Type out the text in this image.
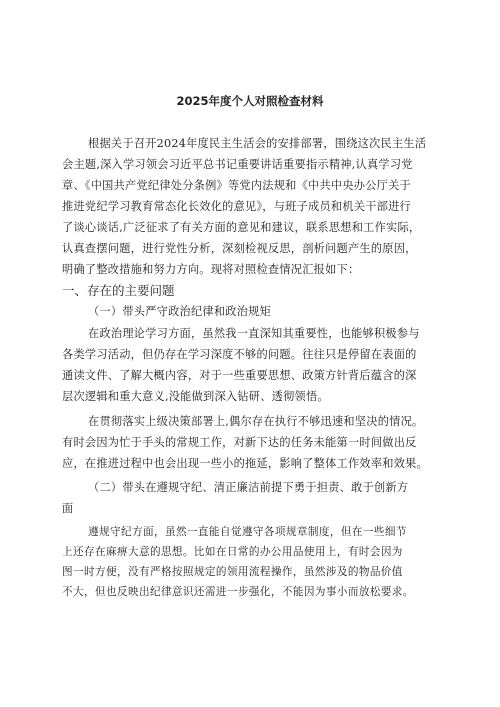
2025年度个人对照检查材料
根据关于召开2024年度民主生活会的安排部署，围绕这次民主生活
会主题,深入学习领会习近平总书记重要讲话重要指示精神,认真学习党
章、《中国共产党纪律处分条例》等党内法规和《中共中央办公厅关于
推进党纪学习教育常态化长效化的意见》，与班子成员和机关干部进行
了谈心谈话,广泛征求了有关方面的意见和建议，联系思想和工作实际，
认真查摆问题，进行党性分析，深刻检视反思，剖析问题产生的原因，
明确了整改措施和努力方向。现将对照检查情况汇报如下：
一、存在的主要问题
（一）带头严守政治纪律和政治规矩
在政治理论学习方面，虽然我一直深知其重要性，也能够积极参与
各类学习活动，但仍存在学习深度不够的问题。往往只是停留在表面的
通读文件、了解大概内容，对于一些重要思想、政策方针背后蕴含的深
层次逻辑和重大意义,没能做到深入钻研、透彻领悟。
在贯彻落实上级决策部署上,偶尔存在执行不够迅速和坚决的情况。
有时会因为忙于手头的常规工作，对新下达的任务未能第一时间做出反
应，在推进过程中也会出现一些小的拖延，影响了整体工作效率和效果。
（二）带头在遵规守纪、清正廉洁前提下勇于担责、敢于创新方
面
遵规守纪方面，虽然一直能自觉遵守各项规章制度，但在一些细节
上还存在麻痹大意的思想。比如在日常的办公用品使用上，有时会因为
图一时方便，没有严格按照规定的领用流程操作，虽然涉及的物品价值
不大，但也反映出纪律意识还需进一步强化，不能因为事小而放松要求。
